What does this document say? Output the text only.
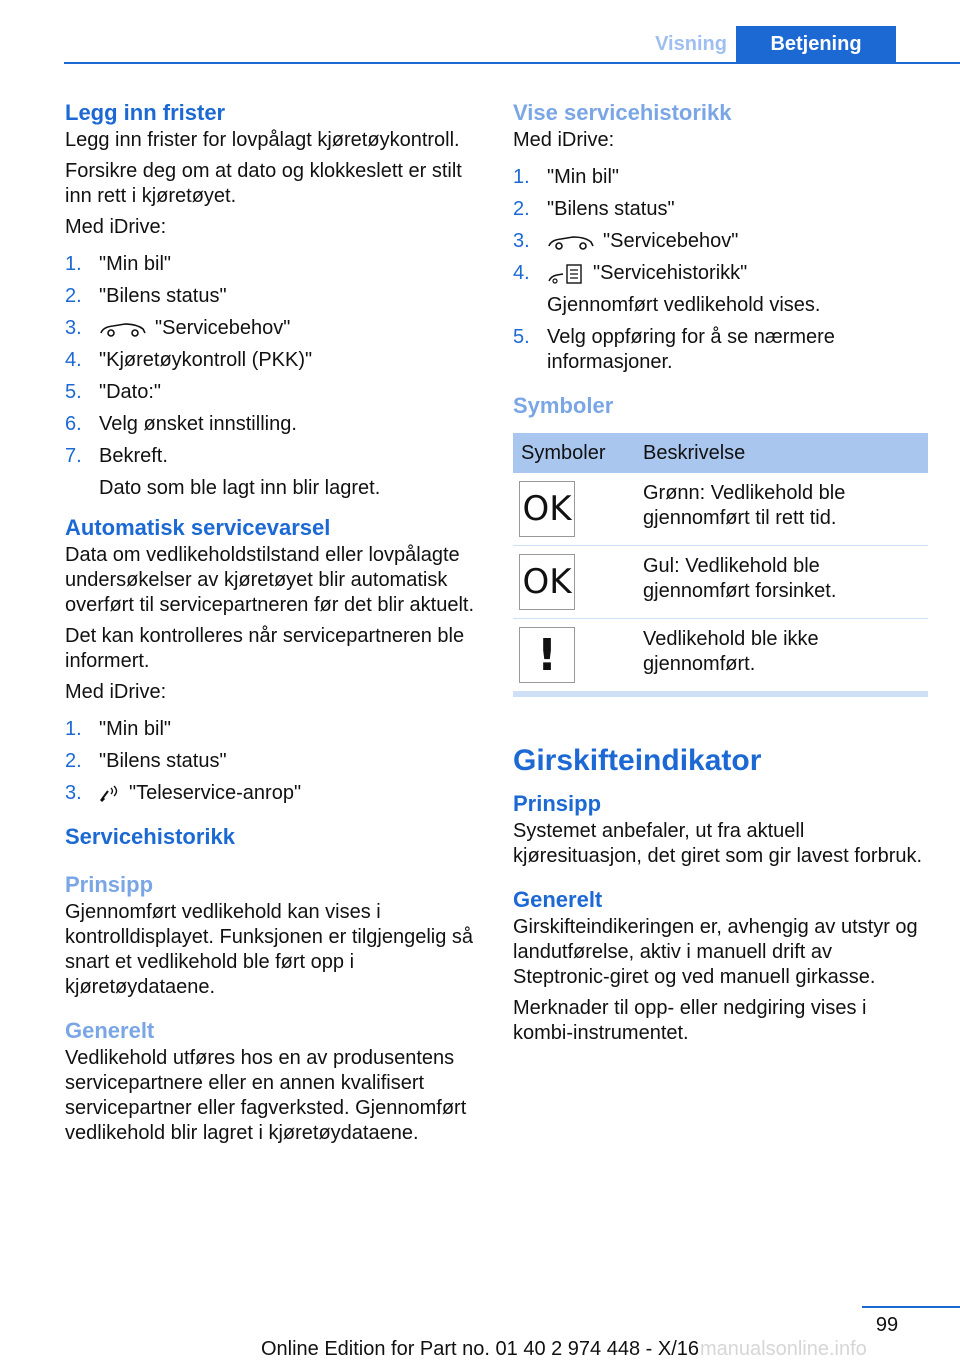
Visning	Betjening
Legg inn frister

Legg inn frister for lovpålagt kjøretøykontroll.

Forsikre deg om at dato og klokkeslett er stilt inn rett i kjøretøyet.

Med iDrive:

1. "Min bil"
2. "Bilens status"
3.	"Servicebehov"
4. "Kjøretøykontroll (PKK)"
5. "Dato:"
6. Velg ønsket innstilling.
7. Bekreft.
Dato som ble lagt inn blir lagret.
Automatisk servicevarsel

Data om vedlikeholdstilstand eller lovpålagte undersøkelser av kjøretøyet blir automatisk overført til servicepartneren før det blir aktuelt.

Det kan kontrolleres når servicepartneren ble informert.

Med iDrive:

1. "Min bil"
2. "Bilens status"
3.	"Teleservice-anrop"
Servicehistorikk
Prinsipp

Gjennomført vedlikehold kan vises i kontrolldisplayet. Funksjonen er tilgjengelig så snart et vedlikehold ble ført opp i kjøretøydataene.

Generelt

Vedlikehold utføres hos en av produsentens servicepartnere eller en annen kvalifisert servicepartner eller fagverksted. Gjennomført vedlikehold blir lagret i kjøretøydataene.

Vise servicehistorikk

Med iDrive:

1. "Min bil"
2. "Bilens status"
3.	"Servicebehov"
4.	"Servicehistorikk"
Gjennomført vedlikehold vises.
5. Velg oppføring for å se nærmere informasjoner.
Symboler
Symboler	Beskrivelse

OK	Grønn: Vedlikehold ble gjennomført til rett tid.

OK	Gul: Vedlikehold ble gjennomført forsinket.

!	Vedlikehold ble ikke gjennomført.
Girskifteindikator
Prinsipp

Systemet anbefaler, ut fra aktuell kjøresituasjon, det giret som gir lavest forbruk.

Generelt

Girskifteindikeringen er, avhengig av utstyr og landutførelse, aktiv i manuell drift av Steptronic-giret og ved manuell girkasse.

Merknader til opp- eller nedgiring vises i kombi-instrumentet.

99
Online Edition for Part no. 01 40 2 974 448 - X/16 manualsonline.info
